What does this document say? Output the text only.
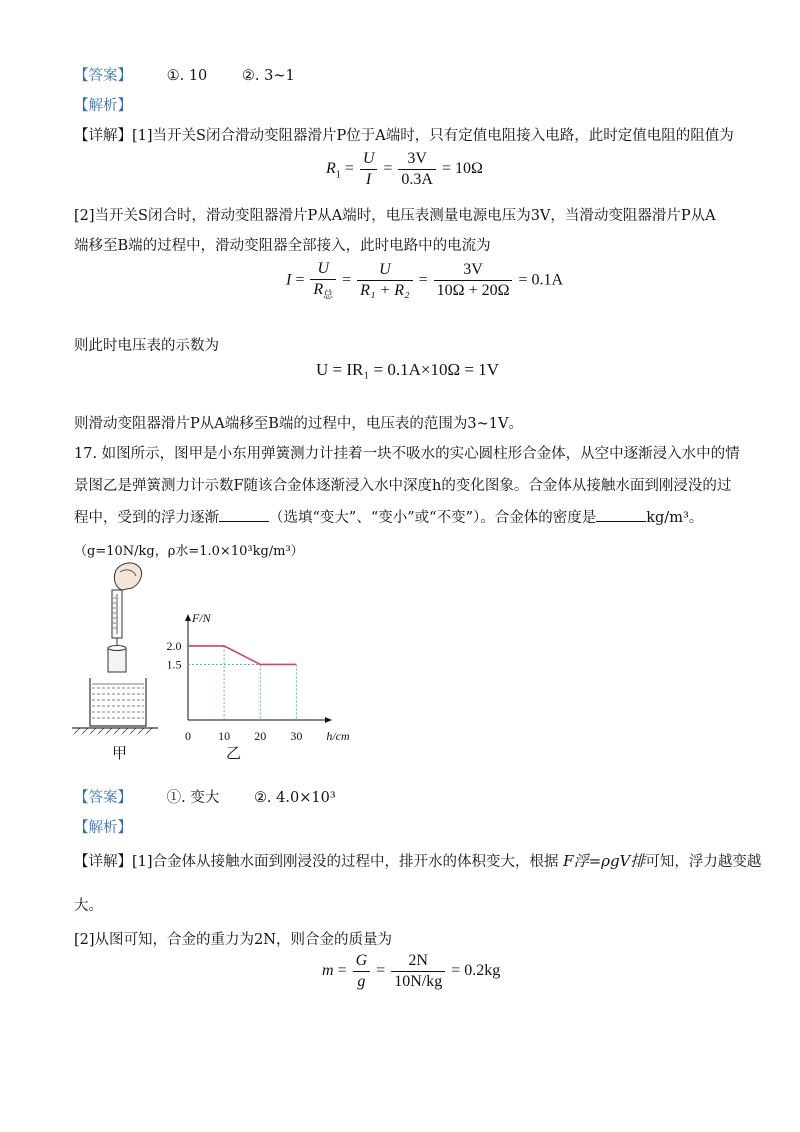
【答案】 ①. 10 ②. 3~1
【解析】
【详解】[1]当开关S闭合滑动变阻器滑片P位于A端时，只有定值电阻接入电路，此时定值电阻的阻值为
$R_1 = \frac{U}{I} = \frac{3V}{0.3A} = 10\Omega$
[2]当开关S闭合时，滑动变阻器滑片P从A端时，电压表测量电源电压为3V，当滑动变阻器滑片P从A
端移至B端的过程中，滑动变阻器全部接入，此时电路中的电流为
$I = \frac{U}{R_总} = \frac{U}{\text{R₁ + R₂}} = \frac{3V}{10\Omega + 20\Omega} = 0.1A$
则此时电压表的示数为
U = IR₁ = 0.1A×10Ω = 1V
则滑动变阻器滑片P从A端移至B端的过程中，电压表的范围为3~1V。
17. 如图所示，图甲是小东用弹簧测力计挂着一块不吸水的实心圆柱形合金体，从空中逐渐浸入水中的情
景图乙是弹簧测力计示数F随该合金体逐渐浸入水中深度h的变化图象。合金体从接触水面到刚浸没的过
程中，受到的浮力逐渐	（选填“变大”、“变小”或“不变”）。合金体的密度是	kg/m³。
（g=10N/kg，ρ水=1.0×10³kg/m³）
甲
F/N
h/cm
0 10 20 30
2.0
1.5
乙
【答案】 ①. 变大 ②. 4.0×10³
【解析】
【详解】[1]合金体从接触水面到刚浸没的过程中，排开水的体积变大，根据 F浮=ρgV排可知，浮力越变越
大。
[2]从图可知，合金的重力为2N，则合金的质量为
$m = \frac{G}{g} = \frac{2N}{10N/kg} = 0.2kg$
